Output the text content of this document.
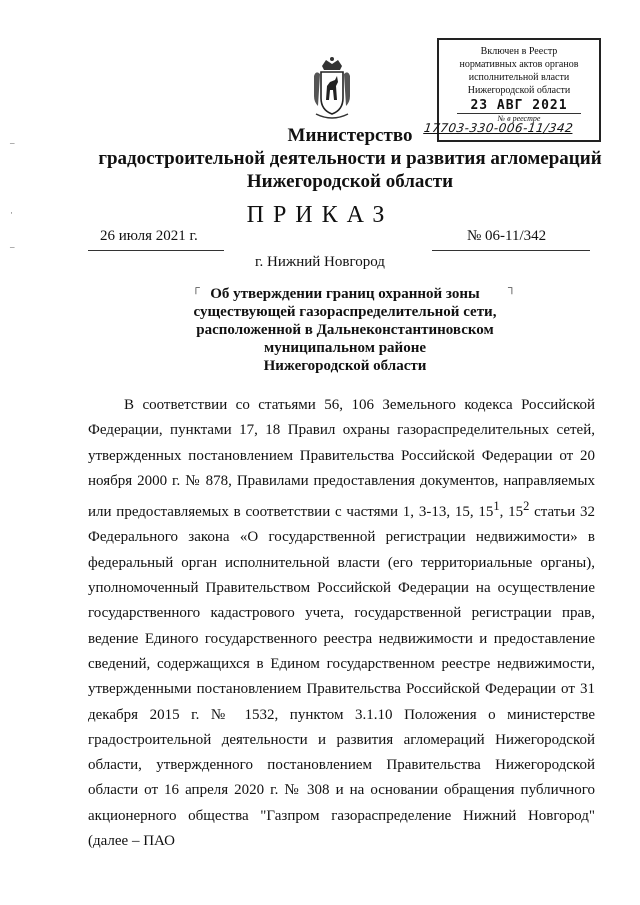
–
·
–
Включен в Реестр
нормативных актов органов
исполнительной власти
Нижегородской области
23 АВГ 2021
№ в реестре
17703-330-006-11/342
Министерство
градостроительной деятельности и развития агломераций
Нижегородской области
ПРИКАЗ
26 июля 2021 г.	№ 06-11/342
г. Нижний Новгород
┌	┐
Об утверждении границ охранной зоны
существующей газораспределительной сети,
расположенной в Дальнеконстантиновском
муниципальном районе
Нижегородской области
В соответствии со статьями 56, 106 Земельного кодекса Российской Федерации, пунктами 17, 18 Правил охраны газораспределительных сетей, утвержденных постановлением Правительства Российской Федерации от 20 ноября 2000 г. № 878, Правилами предоставления документов, направляемых или предоставляемых в соответствии с частями 1, 3-13, 15, $15^1$, $15^2$ статьи 32 Федерального закона «О государственной регистрации недвижимости» в федеральный орган исполнительной власти (его территориальные органы), уполномоченный Правительством Российской Федерации на осуществление государственного кадастрового учета, государственной регистрации прав, ведение Единого государственного реестра недвижимости и предоставление сведений, содержащихся в Едином государственном реестре недвижимости, утвержденными постановлением Правительства Российской Федерации от 31 декабря 2015 г. № 1532, пунктом 3.1.10 Положения о министерстве градостроительной деятельности и развития агломераций Нижегородской области, утвержденного постановлением Правительства Нижегородской области от 16 апреля 2020 г. № 308 и на основании обращения публичного акционерного общества "Газпром газораспределение Нижний Новгород" (далее – ПАО
